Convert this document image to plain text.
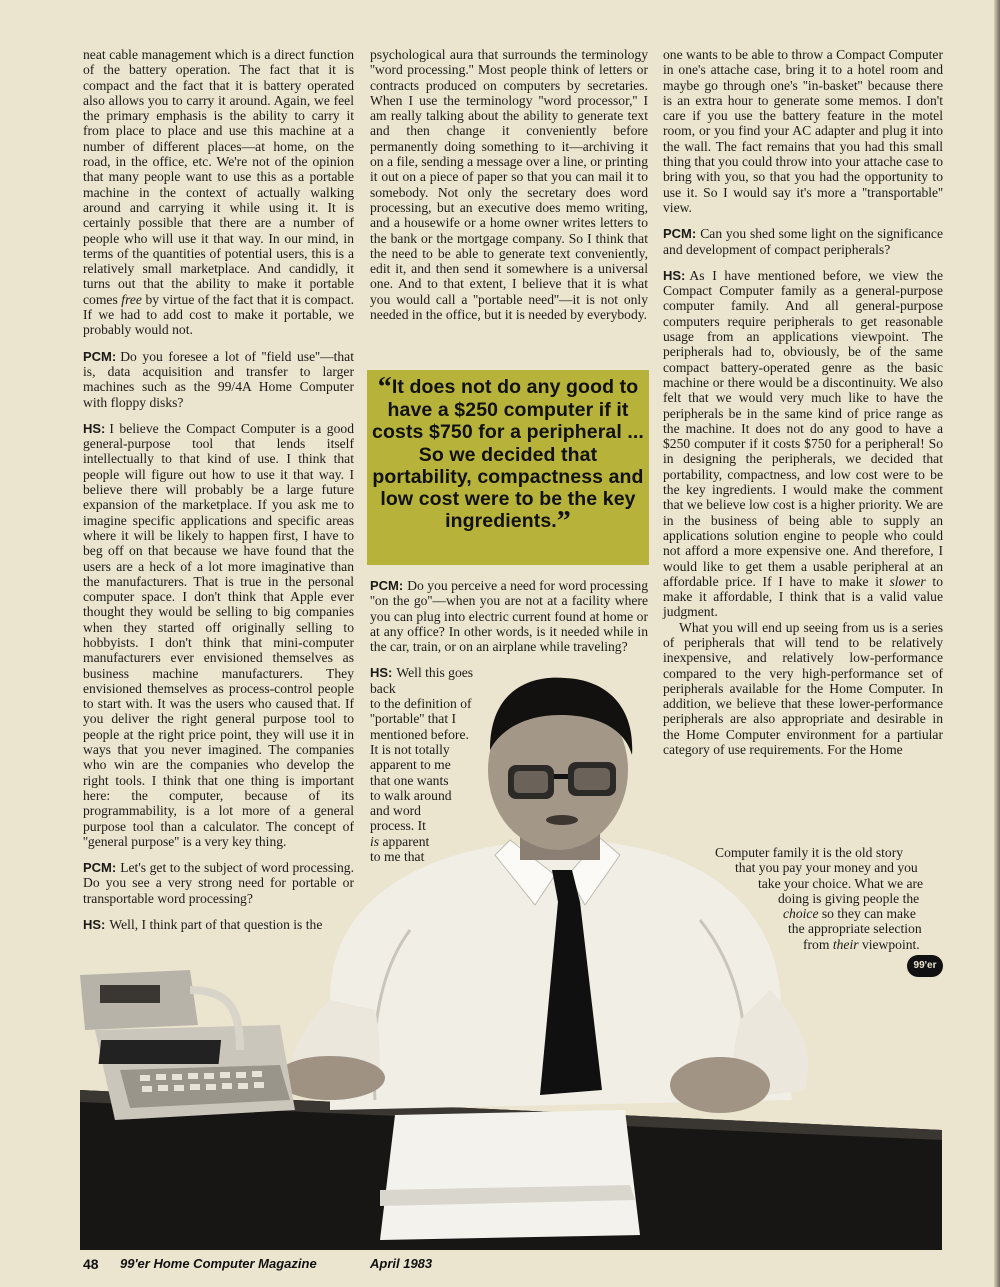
neat cable management which is a direct function of the battery operation. The fact that it is compact and the fact that it is battery operated also allows you to carry it around. Again, we feel the primary emphasis is the ability to carry it from place to place and use this machine at a number of different places—at home, on the road, in the office, etc. We're not of the opinion that many people want to use this as a portable machine in the context of actually walking around and carrying it while using it. It is certainly possible that there are a number of people who will use it that way. In our mind, in terms of the quantities of potential users, this is a relatively small marketplace. And candidly, it turns out that the ability to make it portable comes free by virtue of the fact that it is compact. If we had to add cost to make it portable, we probably would not.

PCM: Do you foresee a lot of ''field use''—that is, data acquisition and transfer to larger machines such as the 99/4A Home Computer with floppy disks?

HS: I believe the Compact Computer is a good general-purpose tool that lends itself intellectually to that kind of use. I think that people will figure out how to use it that way. I believe there will probably be a large future expansion of the marketplace. If you ask me to imagine specific applications and specific areas where it will be likely to happen first, I have to beg off on that because we have found that the users are a heck of a lot more imaginative than the manufacturers. That is true in the personal computer space. I don't think that Apple ever thought they would be selling to big companies when they started off originally selling to hobbyists. I don't think that mini-computer manufacturers ever envisioned themselves as business machine manufacturers. They envisioned themselves as process-control people to start with. It was the users who caused that. If you deliver the right general purpose tool to people at the right price point, they will use it in ways that you never imagined. The companies who win are the companies who develop the right tools. I think that one thing is important here: the computer, because of its programmability, is a lot more of a general purpose tool than a calculator. The concept of ''general purpose'' is a very key thing.

PCM: Let's get to the subject of word processing. Do you see a very strong need for portable or transportable word processing?

HS: Well, I think part of that question is the

psychological aura that surrounds the terminology ''word processing.'' Most people think of letters or contracts produced on computers by secretaries. When I use the terminology ''word processor,'' I am really talking about the ability to generate text and then change it conveniently before permanently doing something to it—archiving it on a file, sending a message over a line, or printing it out on a piece of paper so that you can mail it to somebody. Not only the secretary does word processing, but an executive does memo writing, and a housewife or a home owner writes letters to the bank or the mortgage company. So I think that the need to be able to generate text conveniently, edit it, and then send it somewhere is a universal one. And to that extent, I believe that it is what you would call a ''portable need''—it is not only needed in the office, but it is needed by everybody.

“It does not do any good to have a $250 computer if it costs $750 for a peripheral ... So we decided that portability, compactness and low cost were to be the key ingredients.”

PCM: Do you perceive a need for word processing ''on the go''—when you are not at a facility where you can plug into electric current found at home or at any office? In other words, is it needed while in the car, train, or on an airplane while traveling?

HS: Well this goes back
to the definition of
''portable'' that I
mentioned before.
It is not totally
apparent to me
that one wants
to walk around
and word
process. It
is apparent
to me that

one wants to be able to throw a Compact Computer in one's attache case, bring it to a hotel room and maybe go through one's ''in-basket'' because there is an extra hour to generate some memos. I don't care if you use the battery feature in the motel room, or you find your AC adapter and plug it into the wall. The fact remains that you had this small thing that you could throw into your attache case to bring with you, so that you had the opportunity to use it. So I would say it's more a ''transportable'' view.

PCM: Can you shed some light on the significance and development of compact peripherals?

HS: As I have mentioned before, we view the Compact Computer family as a general-purpose computer family. And all general-purpose computers require peripherals to get reasonable usage from an applications viewpoint. The peripherals had to, obviously, be of the same compact battery-operated genre as the basic machine or there would be a discontinuity. We also felt that we would very much like to have the peripherals be in the same kind of price range as the machine. It does not do any good to have a $250 computer if it costs $750 for a peripheral! So in designing the peripherals, we decided that portability, compactness, and low cost were to be the key ingredients. I would make the comment that we believe low cost is a higher priority. We are in the business of being able to supply an applications solution engine to people who could not afford a more expensive one. And therefore, I would like to get them a usable peripheral at an affordable price. If I have to make it slower to make it affordable, I think that is a valid value judgment.

What you will end up seeing from us is a series of peripherals that will tend to be relatively inexpensive, and relatively low-performance compared to the very high-performance set of peripherals available for the Home Computer. In addition, we believe that these lower-performance peripherals are also appropriate and desirable in the Home Computer environment for a partiular category of use requirements. For the Home

Computer family it is the old story
that you pay your money and you
take your choice. What we are
doing is giving people the
choice so they can make
the appropriate selection
from their viewpoint.
99'er
48 99'er Home Computer Magazine	April 1983
